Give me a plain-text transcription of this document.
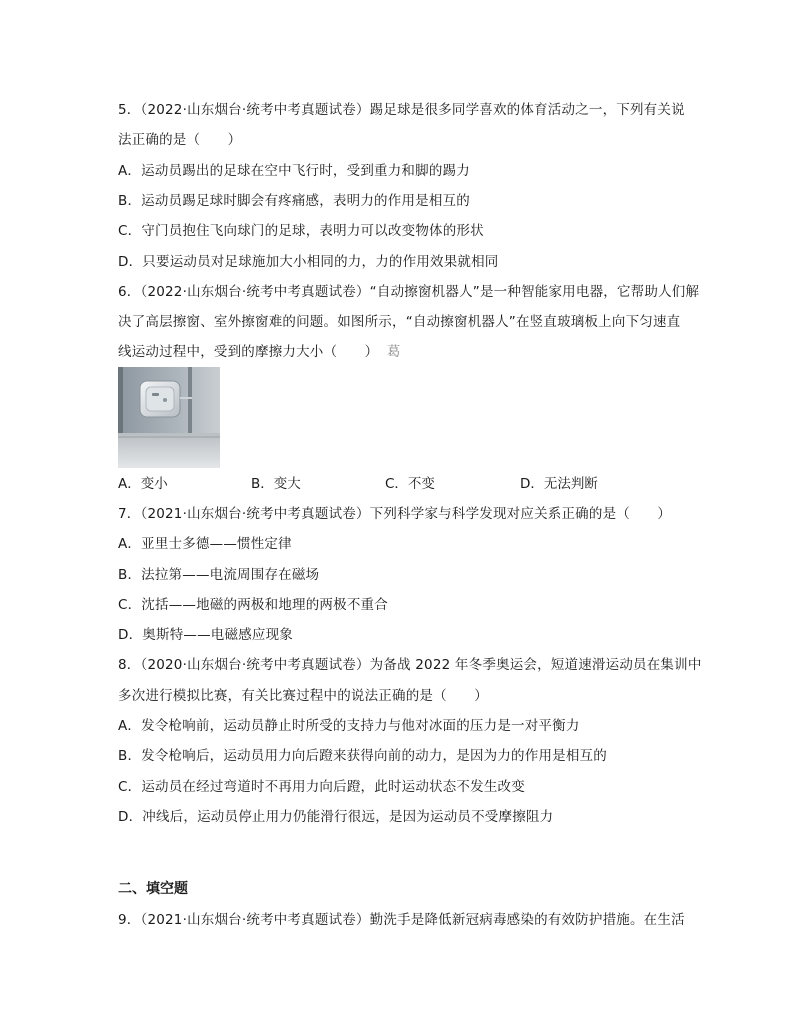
5．（2022·山东烟台·统考中考真题试卷）踢足球是很多同学喜欢的体育活动之一，下列有关说
法正确的是（　　）
A．运动员踢出的足球在空中飞行时，受到重力和脚的踢力
B．运动员踢足球时脚会有疼痛感，表明力的作用是相互的
C．守门员抱住飞向球门的足球，表明力可以改变物体的形状
D．只要运动员对足球施加大小相同的力，力的作用效果就相同
6．（2022·山东烟台·统考中考真题试卷）“自动擦窗机器人”是一种智能家用电器，它帮助人们解
决了高层擦窗、室外擦窗难的问题。如图所示，“自动擦窗机器人”在竖直玻璃板上向下匀速直
线运动过程中，受到的摩擦力大小（　　） 葛
A．变小	B．变大	C．不变	D．无法判断
7．（2021·山东烟台·统考中考真题试卷）下列科学家与科学发现对应关系正确的是（　　）
A．亚里士多德——惯性定律
B．法拉第——电流周围存在磁场
C．沈括——地磁的两极和地理的两极不重合
D．奥斯特——电磁感应现象
8．（2020·山东烟台·统考中考真题试卷）为备战 2022 年冬季奥运会，短道速滑运动员在集训中
多次进行模拟比赛，有关比赛过程中的说法正确的是（　　）
A．发令枪响前，运动员静止时所受的支持力与他对冰面的压力是一对平衡力
B．发令枪响后，运动员用力向后蹬来获得向前的动力，是因为力的作用是相互的
C．运动员在经过弯道时不再用力向后蹬，此时运动状态不发生改变
D．冲线后，运动员停止用力仍能滑行很远，是因为运动员不受摩擦阻力
二、填空题
9．（2021·山东烟台·统考中考真题试卷）勤洗手是降低新冠病毒感染的有效防护措施。在生活
